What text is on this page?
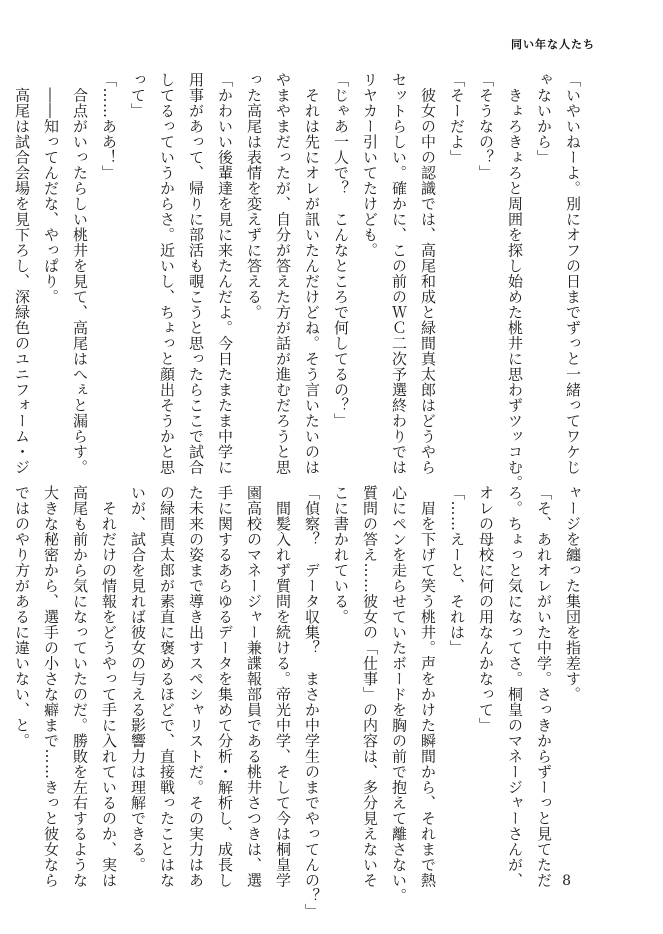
同い年な人たち
「いやいねーよ。別にオフの日までずっと一緒ってワケじ
ゃないから」
　きょろきょろと周囲を探し始めた桃井に思わずツッコむ。
「そうなの？」
「そーだよ」
　彼女の中の認識では、高尾和成と緑間真太郎はどうやら
セットらしい。確かに、この前のＷＣ二次予選終わりでは
リヤカー引いてたけども。
「じゃあ一人で？　こんなところで何してるの？」
　それは先にオレが訊いたんだけどね。そう言いたいのは
やまやまだったが、自分が答えた方が話が進むだろうと思
った高尾は表情を変えずに答える。
「かわいい後輩達を見に来たんだよ。今日たまたま中学に
用事があって、帰りに部活も覗こうと思ったらここで試合
してるっていうからさ。近いし、ちょっと顔出そうかと思
って」
「……ああ！」
　合点がいったらしい桃井を見て、高尾はへぇと漏らす。
　――知ってんだな、やっぱり。
　高尾は試合会場を見下ろし、深緑色のユニフォーム・ジ
ャージを纏った集団を指差す。
「そ、あれオレがいた中学。さっきからずーっと見てただ
ろ。ちょっと気になってさ。桐皇のマネージャーさんが、
オレの母校に何の用なんかなって」
「……えーと、それは」
　眉を下げて笑う桃井。声をかけた瞬間から、それまで熱
心にペンを走らせていたボードを胸の前で抱えて離さない。
質問の答え……彼女の「仕事」の内容は、多分見えないそ
こに書かれている。
「偵察？　データ収集？　まさか中学生のまでやってんの？」
　間髪入れず質問を続ける。帝光中学、そして今は桐皇学
園高校のマネージャー兼諜報部員である桃井さつきは、選
手に関するあらゆるデータを集めて分析・解析し、成長し
た未来の姿まで導き出すスペシャリストだ。その実力はあ
の緑間真太郎が素直に褒めるほどで、直接戦ったことはな
いが、試合を見れば彼女の与える影響力は理解できる。
　それだけの情報をどうやって手に入れているのか、実は
高尾も前から気になっていたのだ。勝敗を左右するような
大きな秘密から、選手の小さな癖まで……きっと彼女なら
ではのやり方があるに違いない、と。
8
